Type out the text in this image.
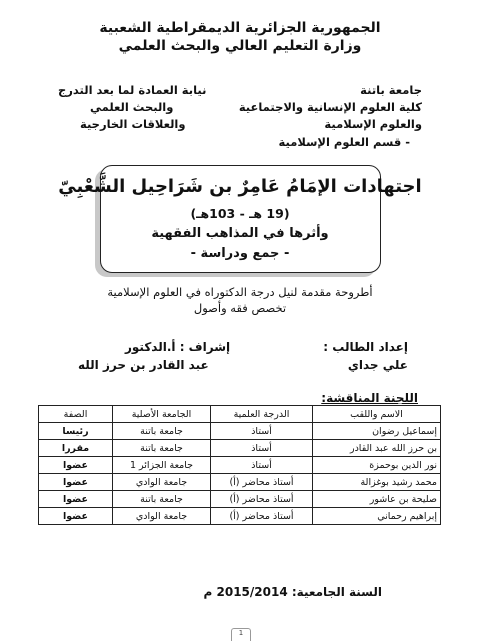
الجمهورية الجزائرية الديمقراطية الشعبية
وزارة التعليم العالي والبحث العلمي
جامعة باتنة
كلية العلوم الإنسانية والاجتماعية
والعلوم الإسلامية
- قسم العلوم الإسلامية
نيابة العمادة لما بعد التدرج
والبحث العلمي
والعلاقات الخارجية
اجتهادات الإمَامُ عَامِرٌ بن شَرَاحِيل الشَّعْبِيّ
(19 هـ - 103هـ)
وأثرها في المذاهب الفقهية
- جمع ودراسة -
أطروحة مقدمة لنيل درجة الدكتوراه في العلوم الإسلامية
تخصص فقه وأصول
إعداد الطالب :
علي جداي
إشراف : أ.الدكتور
عبد القادر بن حرز الله
اللجنة المناقشة:
الاسم واللقب	الدرجة العلمية	الجامعة الأصلية	الصفة
إسماعيل رضوان	أستاذ	جامعة باتنة	رئيسا
بن حرز الله عبد القادر	أستاذ	جامعة باتنة	مقررا
نور الدين بوحمزة	أستاذ	جامعة الجزائر 1	عضوا
محمد رشيد بوغزالة	أستاذ محاضر (أ)	جامعة الوادي	عضوا
صليحة بن عاشور	أستاذ محاضر (أ)	جامعة باتنة	عضوا
إبراهيم رحماني	أستاذ محاضر (أ)	جامعة الوادي	عضوا
السنة الجامعية: 2015/2014 م
1
